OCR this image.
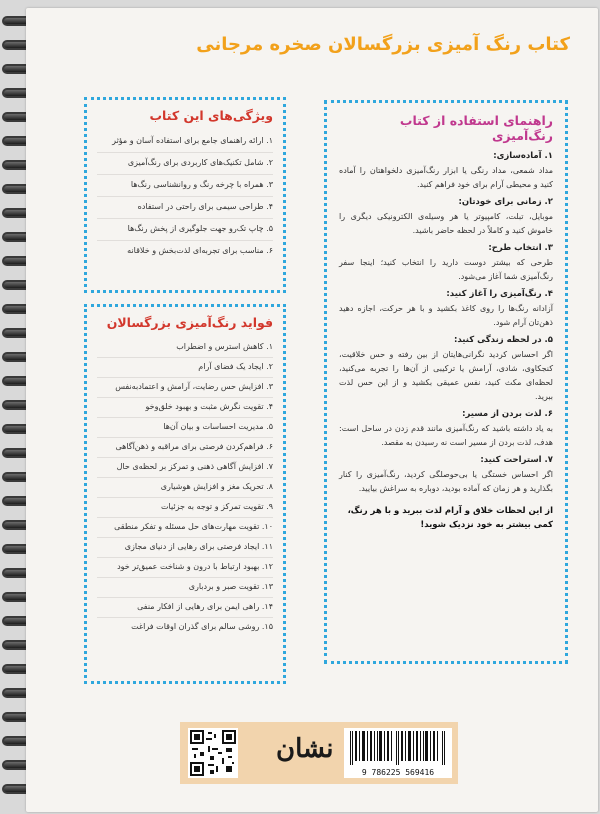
کتاب رنگ آمیزی بزرگسالان صخره مرجانی
راهنمای استفاده از کتاب رنگ‌آمیزی
۱. آماده‌سازی:

مداد شمعی، مداد رنگی یا ابزار رنگ‌آمیزی دلخواهتان را آماده کنید و محیطی آرام برای خود فراهم کنید.

۲. زمانی برای خودتان:

موبایل، تبلت، کامپیوتر یا هر وسیله‌ی الکترونیکی دیگری را خاموش کنید و کاملاً در لحظه حاضر باشید.

۳. انتخاب طرح:

طرحی که بیشتر دوست دارید را انتخاب کنید؛ اینجا سفر رنگ‌آمیزی شما آغاز می‌شود.

۴. رنگ‌آمیزی را آغاز کنید:

آزادانه رنگ‌ها را روی کاغذ بکشید و با هر حرکت، اجازه دهید ذهن‌تان آرام شود.

۵. در لحظه زندگی کنید:

اگر احساس کردید نگرانی‌هایتان از بین رفته و حس خلاقیت، کنجکاوی، شادی، آرامش یا ترکیبی از آن‌ها را تجربه می‌کنید، لحظه‌ای مکث کنید، نفس عمیقی بکشید و از این حس لذت ببرید.

۶. لذت بردن از مسیر:

به یاد داشته باشید که رنگ‌آمیزی مانند قدم زدن در ساحل است: هدف، لذت بردن از مسیر است نه رسیدن به مقصد.

۷. استراحت کنید:

اگر احساس خستگی یا بی‌حوصلگی کردید، رنگ‌آمیزی را کنار بگذارید و هر زمان که آماده بودید، دوباره به سراغش بیایید.

از این لحظات خلاق و آرام لذت ببرید و با هر رنگ، کمی بیشتر به خود نزدیک شوید!
ویژگی‌های این کتاب
۱. ارائه راهنمای جامع برای استفاده آسان و مؤثر
۲. شامل تکنیک‌های کاربردی برای رنگ‌آمیزی
۳. همراه با چرخه رنگ و روانشناسی رنگ‌ها
۴. طراحی سیمی برای راحتی در استفاده
۵. چاپ تک‌رو جهت جلوگیری از پخش رنگ‌ها
۶. مناسب برای تجربه‌ای لذت‌بخش و خلاقانه
فواید رنگ‌آمیزی بزرگسالان
۱. کاهش استرس و اضطراب
۲. ایجاد یک فضای آرام
۳. افزایش حس رضایت، آرامش و اعتماد‌به‌نفس
۴. تقویت نگرش مثبت و بهبود خلق‌وخو
۵. مدیریت احساسات و بیان آن‌ها
۶. فراهم‌کردن فرصتی برای مراقبه و ذهن‌آگاهی
۷. افزایش آگاهی ذهنی و تمرکز بر لحظه‌ی حال
۸. تحریک مغز و افزایش هوشیاری
۹. تقویت تمرکز و توجه به جزئیات
۱۰. تقویت مهارت‌های حل مسئله و تفکر منطقی
۱۱. ایجاد فرصتی برای رهایی از دنیای مجازی
۱۲. بهبود ارتباط با درون و شناخت عمیق‌تر خود
۱۳. تقویت صبر و بردباری
۱۴. راهی ایمن برای رهایی از افکار منفی
۱۵. روشی سالم برای گذران اوقات فراغت
نشان
9 786225 569416
